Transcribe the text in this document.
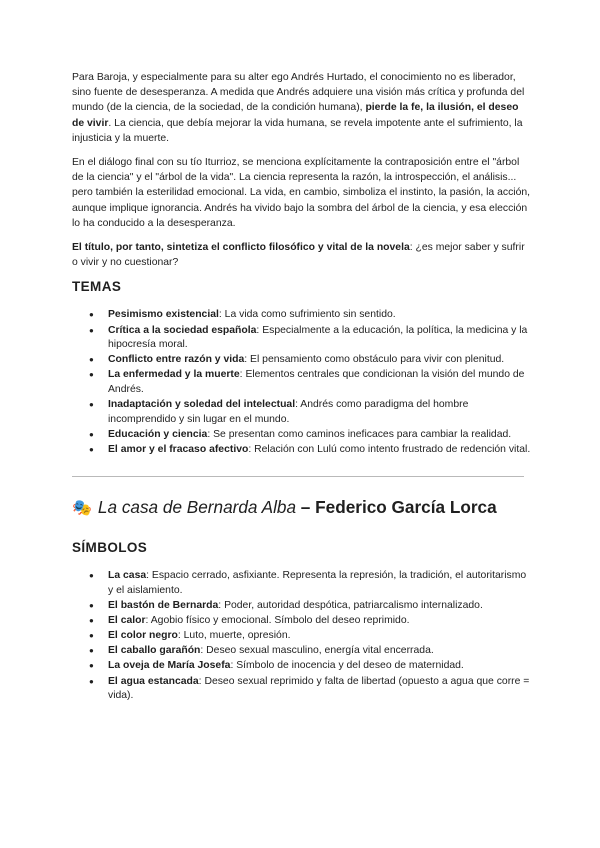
Para Baroja, y especialmente para su alter ego Andrés Hurtado, el conocimiento no es liberador, sino fuente de desesperanza. A medida que Andrés adquiere una visión más crítica y profunda del mundo (de la ciencia, de la sociedad, de la condición humana), pierde la fe, la ilusión, el deseo de vivir. La ciencia, que debía mejorar la vida humana, se revela impotente ante el sufrimiento, la injusticia y la muerte.

En el diálogo final con su tío Iturrioz, se menciona explícitamente la contraposición entre el "árbol de la ciencia" y el "árbol de la vida". La ciencia representa la razón, la introspección, el análisis... pero también la esterilidad emocional. La vida, en cambio, simboliza el instinto, la pasión, la acción, aunque implique ignorancia. Andrés ha vivido bajo la sombra del árbol de la ciencia, y esa elección lo ha conducido a la desesperanza.

El título, por tanto, sintetiza el conflicto filosófico y vital de la novela: ¿es mejor saber y sufrir o vivir y no cuestionar?

TEMAS
● Pesimismo existencial: La vida como sufrimiento sin sentido.
● Crítica a la sociedad española: Especialmente a la educación, la política, la medicina y la hipocresía moral.
● Conflicto entre razón y vida: El pensamiento como obstáculo para vivir con plenitud.
● La enfermedad y la muerte: Elementos centrales que condicionan la visión del mundo de Andrés.
● Inadaptación y soledad del intelectual: Andrés como paradigma del hombre incomprendido y sin lugar en el mundo.
● Educación y ciencia: Se presentan como caminos ineficaces para cambiar la realidad.
● El amor y el fracaso afectivo: Relación con Lulú como intento frustrado de redención vital.
🎭 La casa de Bernarda Alba – Federico García Lorca
SÍMBOLOS
● La casa: Espacio cerrado, asfixiante. Representa la represión, la tradición, el autoritarismo y el aislamiento.
● El bastón de Bernarda: Poder, autoridad despótica, patriarcalismo internalizado.
● El calor: Agobio físico y emocional. Símbolo del deseo reprimido.
● El color negro: Luto, muerte, opresión.
● El caballo garañón: Deseo sexual masculino, energía vital encerrada.
● La oveja de María Josefa: Símbolo de inocencia y del deseo de maternidad.
● El agua estancada: Deseo sexual reprimido y falta de libertad (opuesto a agua que corre = vida).
